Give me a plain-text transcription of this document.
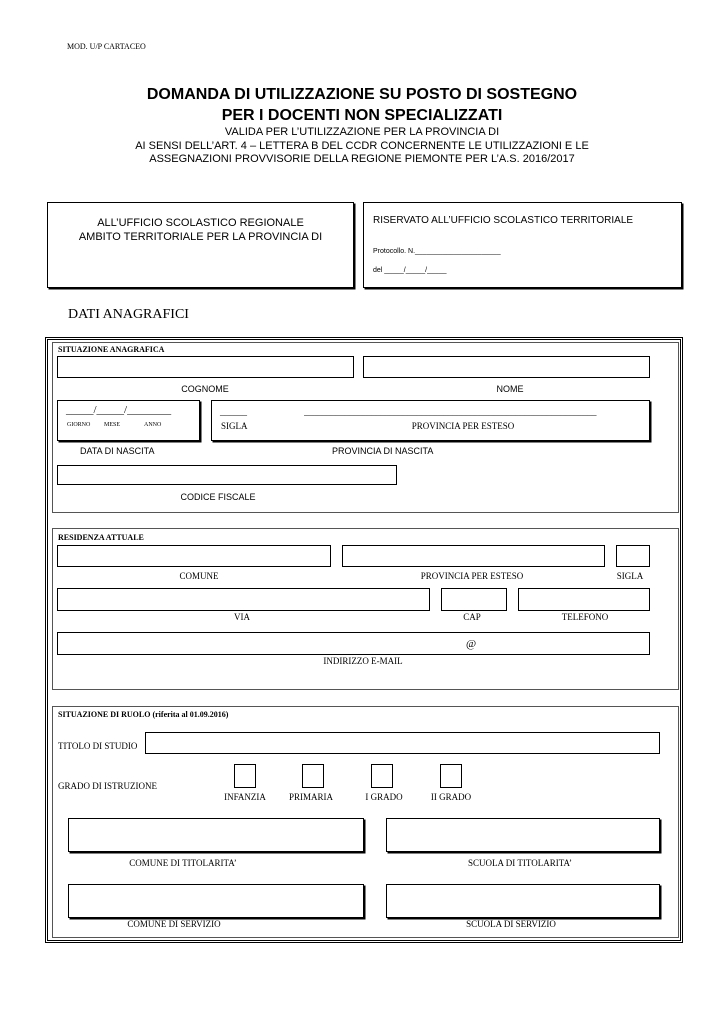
MOD. U/P CARTACEO
DOMANDA DI UTILIZZAZIONE SU POSTO DI SOSTEGNO
PER I DOCENTI NON SPECIALIZZATI
VALIDA PER L’UTILIZZAZIONE PER LA PROVINCIA DI
AI SENSI DELL’ART. 4 – LETTERA B DEL CCDR CONCERNENTE LE UTILIZZAZIONI E LE
ASSEGNAZIONI PROVVISORIE DELLA REGIONE PIEMONTE PER L’A.S. 2016/2017
ALL’UFFICIO SCOLASTICO REGIONALE
AMBITO TERRITORIALE PER LA PROVINCIA DI
RISERVATO ALL’UFFICIO SCOLASTICO TERRITORIALE
Protocollo. N.______________________
del _____/_____/_____
DATI ANAGRAFICI
SITUAZIONE ANAGRAFICA
COGNOME	NOME
_____/_____/________
GIORNO MESE	ANNO
______
SIGLA
_________________________________________________________________
PROVINCIA PER ESTESO
DATA DI NASCITA	PROVINCIA DI NASCITA
CODICE FISCALE
RESIDENZA ATTUALE
COMUNE	PROVINCIA PER ESTESO	SIGLA
VIA	CAP	TELEFONO
@
INDIRIZZO E-MAIL
SITUAZIONE DI RUOLO (riferita al 01.09.2016)
TITOLO DI STUDIO
GRADO DI ISTRUZIONE
INFANZIA	PRIMARIA	I GRADO	II GRADO
COMUNE DI TITOLARITA’	SCUOLA DI TITOLARITA’
COMUNE DI SERVIZIO	SCUOLA DI SERVIZIO
